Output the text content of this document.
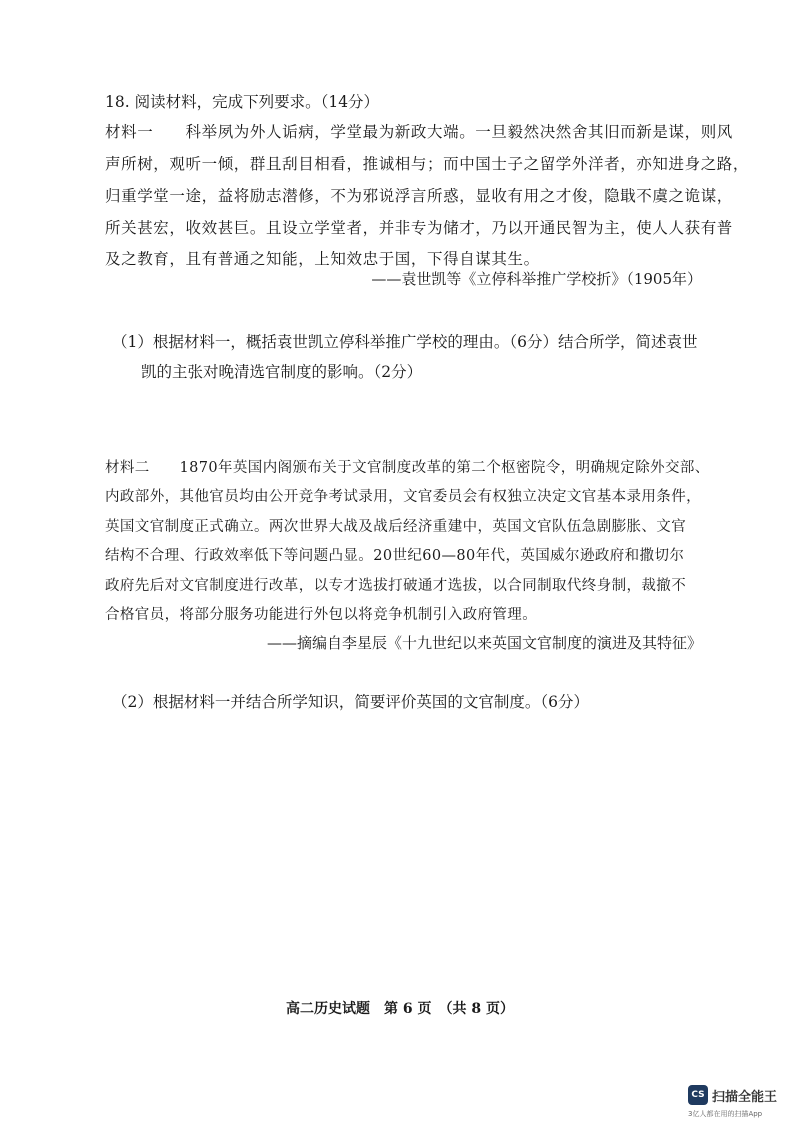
18. 阅读材料，完成下列要求。（14分）
材料一　　科举夙为外人诟病，学堂最为新政大端。一旦毅然决然舍其旧而新是谋，则风
声所树，观听一倾，群且刮目相看，推诚相与；而中国士子之留学外洋者，亦知进身之路，
归重学堂一途，益将励志潜修，不为邪说浮言所惑，显收有用之才俊，隐戢不虞之诡谋，
所关甚宏，收效甚巨。且设立学堂者，并非专为储才，乃以开通民智为主，使人人获有普
及之教育，且有普通之知能，上知效忠于国，下得自谋其生。
——袁世凯等《立停科举推广学校折》（1905年）
（1）根据材料一，概括袁世凯立停科举推广学校的理由。（6分）结合所学，简述袁世
凯的主张对晚清选官制度的影响。（2分）
材料二　　1870年英国内阁颁布关于文官制度改革的第二个枢密院令，明确规定除外交部、
内政部外，其他官员均由公开竞争考试录用，文官委员会有权独立决定文官基本录用条件，
英国文官制度正式确立。两次世界大战及战后经济重建中，英国文官队伍急剧膨胀、文官
结构不合理、行政效率低下等问题凸显。20世纪60—80年代，英国威尔逊政府和撒切尔
政府先后对文官制度进行改革，以专才选拔打破通才选拔，以合同制取代终身制，裁撤不
合格官员，将部分服务功能进行外包以将竞争机制引入政府管理。
——摘编自李星辰《十九世纪以来英国文官制度的演进及其特征》
（2）根据材料一并结合所学知识，简要评价英国的文官制度。（6分）
高二历史试题　第 6 页　（共 8 页）
CS 扫描全能王
3亿人都在用的扫描App
